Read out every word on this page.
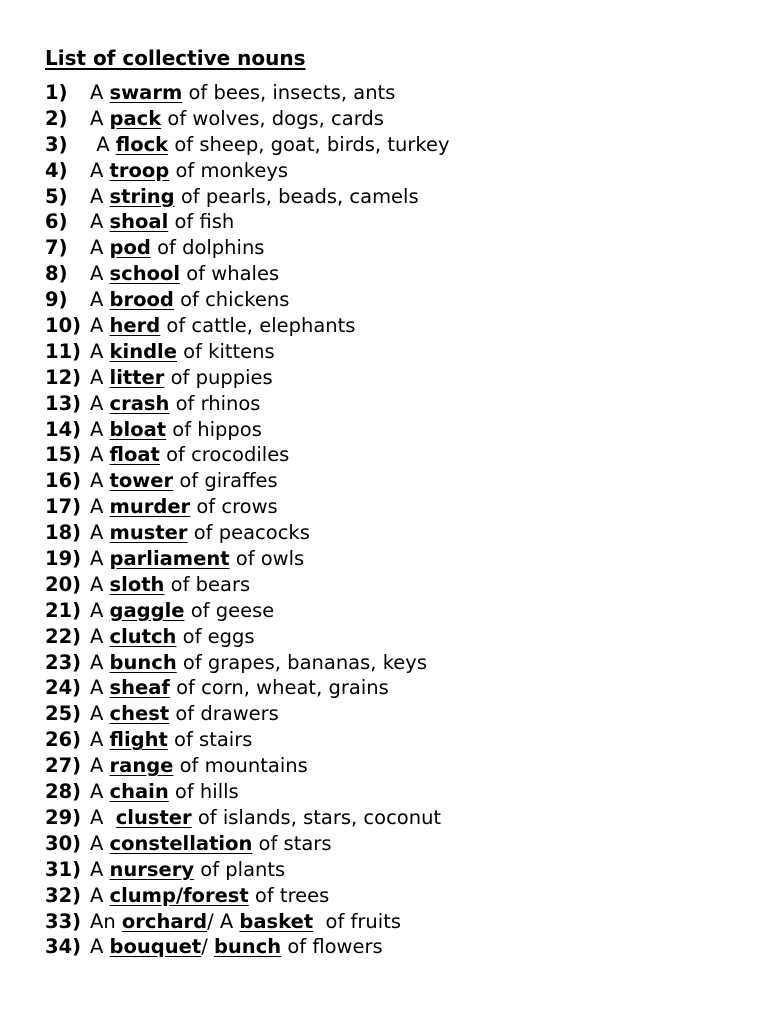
List of collective nouns
1)	A swarm of bees, insects, ants
2)	A pack of wolves, dogs, cards
3)	A flock of sheep, goat, birds, turkey
4)	A troop of monkeys
5)	A string of pearls, beads, camels
6)	A shoal of fish
7)	A pod of dolphins
8)	A school of whales
9)	A brood of chickens
10) A herd of cattle, elephants
11) A kindle of kittens
12) A litter of puppies
13) A crash of rhinos
14) A bloat of hippos
15) A float of crocodiles
16) A tower of giraffes
17) A murder of crows
18) A muster of peacocks
19) A parliament of owls
20) A sloth of bears
21) A gaggle of geese
22) A clutch of eggs
23) A bunch of grapes, bananas, keys
24) A sheaf of corn, wheat, grains
25) A chest of drawers
26) A flight of stairs
27) A range of mountains
28) A chain of hills
29) A  cluster of islands, stars, coconut
30) A constellation of stars
31) A nursery of plants
32) A clump/forest of trees
33) An orchard/ A basket  of fruits
34) A bouquet/ bunch of flowers
